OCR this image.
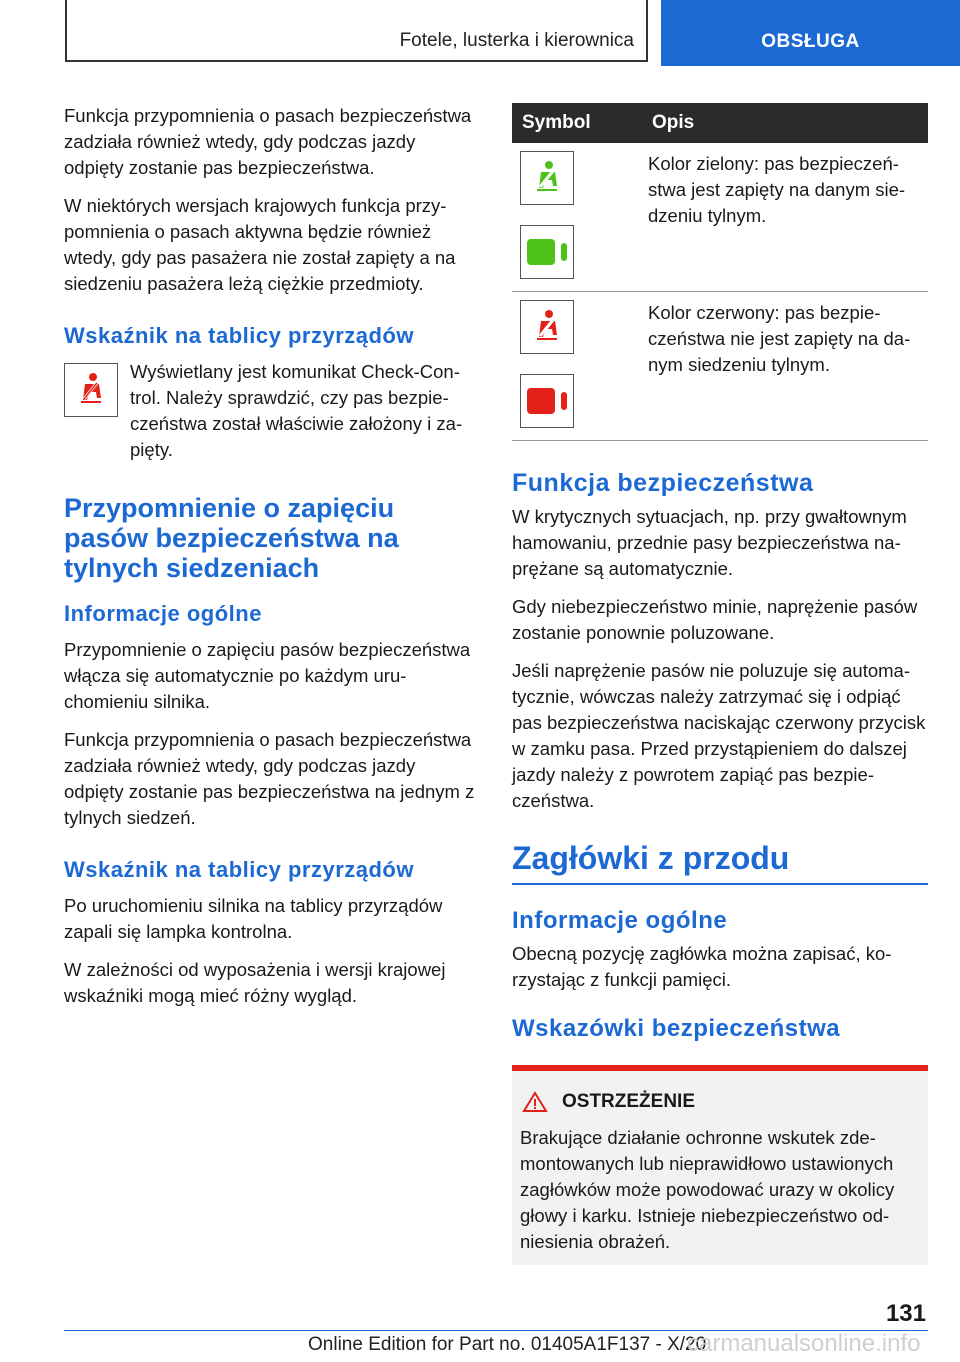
Fotele, lusterka i kierownica	OBSŁUGA

Funkcja przypomnienia o pasach bezpieczeństwa zadziała również wtedy, gdy podczas jazdy odpięty zostanie pas bezpieczeństwa.

W niektórych wersjach krajowych funkcja przypomnienia o pasach aktywna będzie również wtedy, gdy pas pasażera nie został zapięty a na siedzeniu pasażera leżą ciężkie przedmioty.

Wskaźnik na tablicy przyrządów

Wyświetlany jest komunikat Check-Control. Należy sprawdzić, czy pas bezpieczeństwa został właściwie założony i zapięty.

Przypomnienie o zapięciu pasów bezpieczeństwa na tylnych siedzeniach
Informacje ogólne

Przypomnienie o zapięciu pasów bezpieczeństwa włącza się automatycznie po każdym uruchomieniu silnika.

Funkcja przypomnienia o pasach bezpieczeństwa zadziała również wtedy, gdy podczas jazdy odpięty zostanie pas bezpieczeństwa na jednym z tylnych siedzeń.

Wskaźnik na tablicy przyrządów

Po uruchomieniu silnika na tablicy przyrządów zapali się lampka kontrolna.

W zależności od wyposażenia i wersji krajowej wskaźniki mogą mieć różny wygląd.

Symbol	Opis

	Kolor zielony: pas bezpieczeństwa jest zapięty na danym siedzeniu tylnym.

	Kolor czerwony: pas bezpieczeństwa nie jest zapięty na danym siedzeniu tylnym.
Funkcja bezpieczeństwa

W krytycznych sytuacjach, np. przy gwałtownym hamowaniu, przednie pasy bezpieczeństwa naprężane są automatycznie.

Gdy niebezpieczeństwo minie, naprężenie pasów zostanie ponownie poluzowane.

Jeśli naprężenie pasów nie poluzuje się automatycznie, wówczas należy zatrzymać się i odpiąć pas bezpieczeństwa naciskając czerwony przycisk w zamku pasa. Przed przystąpieniem do dalszej jazdy należy z powrotem zapiąć pas bezpieczeństwa.

Zagłówki z przodu
Informacje ogólne

Obecną pozycję zagłówka można zapisać, korzystając z funkcji pamięci.

Wskazówki bezpieczeństwa
OSTRZEŻENIE

Brakujące działanie ochronne wskutek zdemontowanych lub nieprawidłowo ustawionych zagłówków może powodować urazy w okolicy głowy i karku. Istnieje niebezpieczeństwo odniesienia obrażeń.

131
Online Edition for Part no. 01405A1F137 - X/20
carmanualsonline.info
